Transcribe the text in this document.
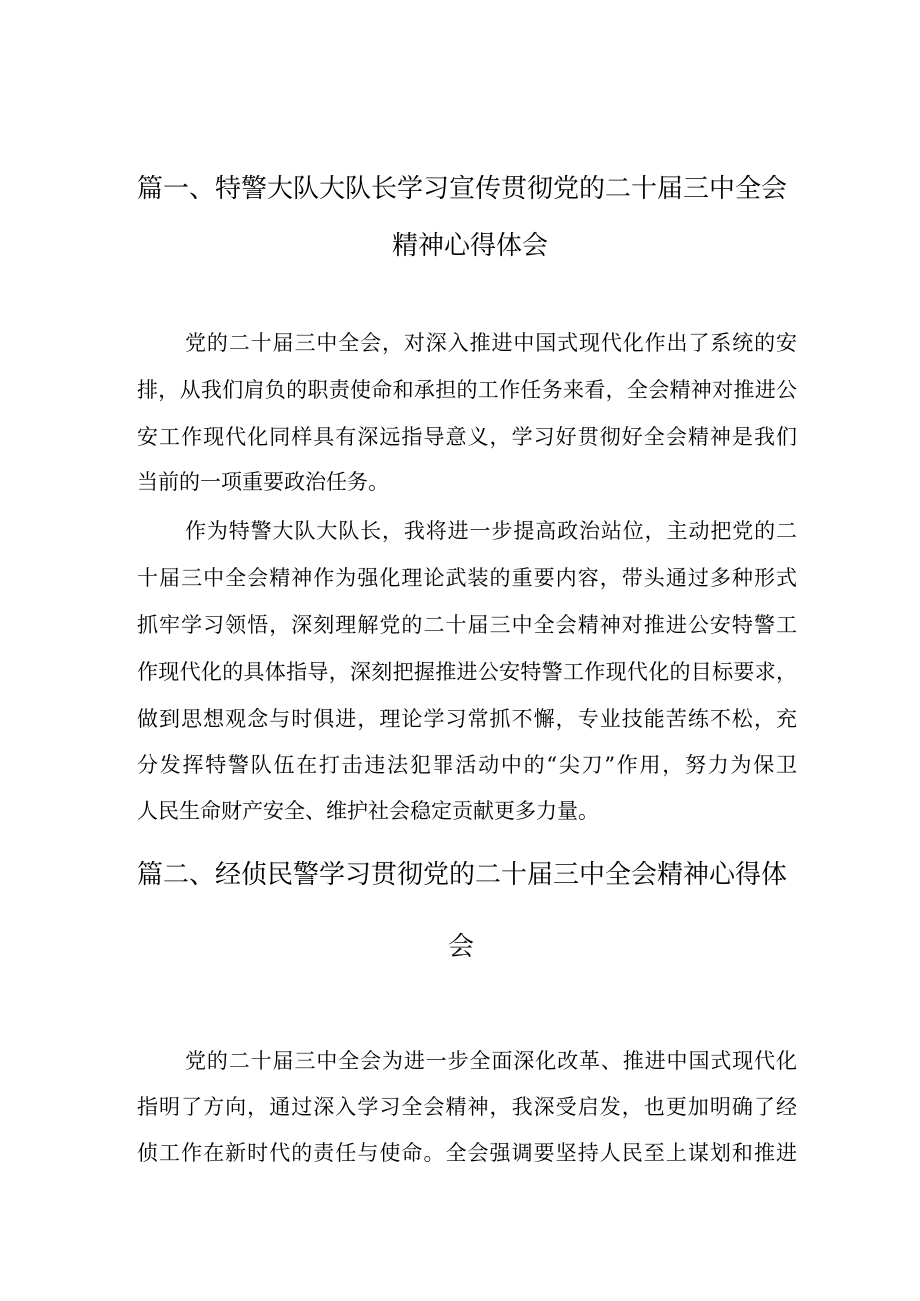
篇一、特警大队大队长学习宣传贯彻党的二十届三中全会
精神心得体会

党的二十届三中全会，对深入推进中国式现代化作出了系统的安

排，从我们肩负的职责使命和承担的工作任务来看，全会精神对推进公

安工作现代化同样具有深远指导意义，学习好贯彻好全会精神是我们

当前的一项重要政治任务。

作为特警大队大队长，我将进一步提高政治站位，主动把党的二

十届三中全会精神作为强化理论武装的重要内容，带头通过多种形式

抓牢学习领悟，深刻理解党的二十届三中全会精神对推进公安特警工

作现代化的具体指导，深刻把握推进公安特警工作现代化的目标要求，

做到思想观念与时俱进，理论学习常抓不懈，专业技能苦练不松，充

分发挥特警队伍在打击违法犯罪活动中的“尖刀”作用，努力为保卫

人民生命财产安全、维护社会稳定贡献更多力量。

篇二、经侦民警学习贯彻党的二十届三中全会精神心得体
会

党的二十届三中全会为进一步全面深化改革、推进中国式现代化

指明了方向，通过深入学习全会精神，我深受启发，也更加明确了经

侦工作在新时代的责任与使命。全会强调要坚持人民至上谋划和推进
